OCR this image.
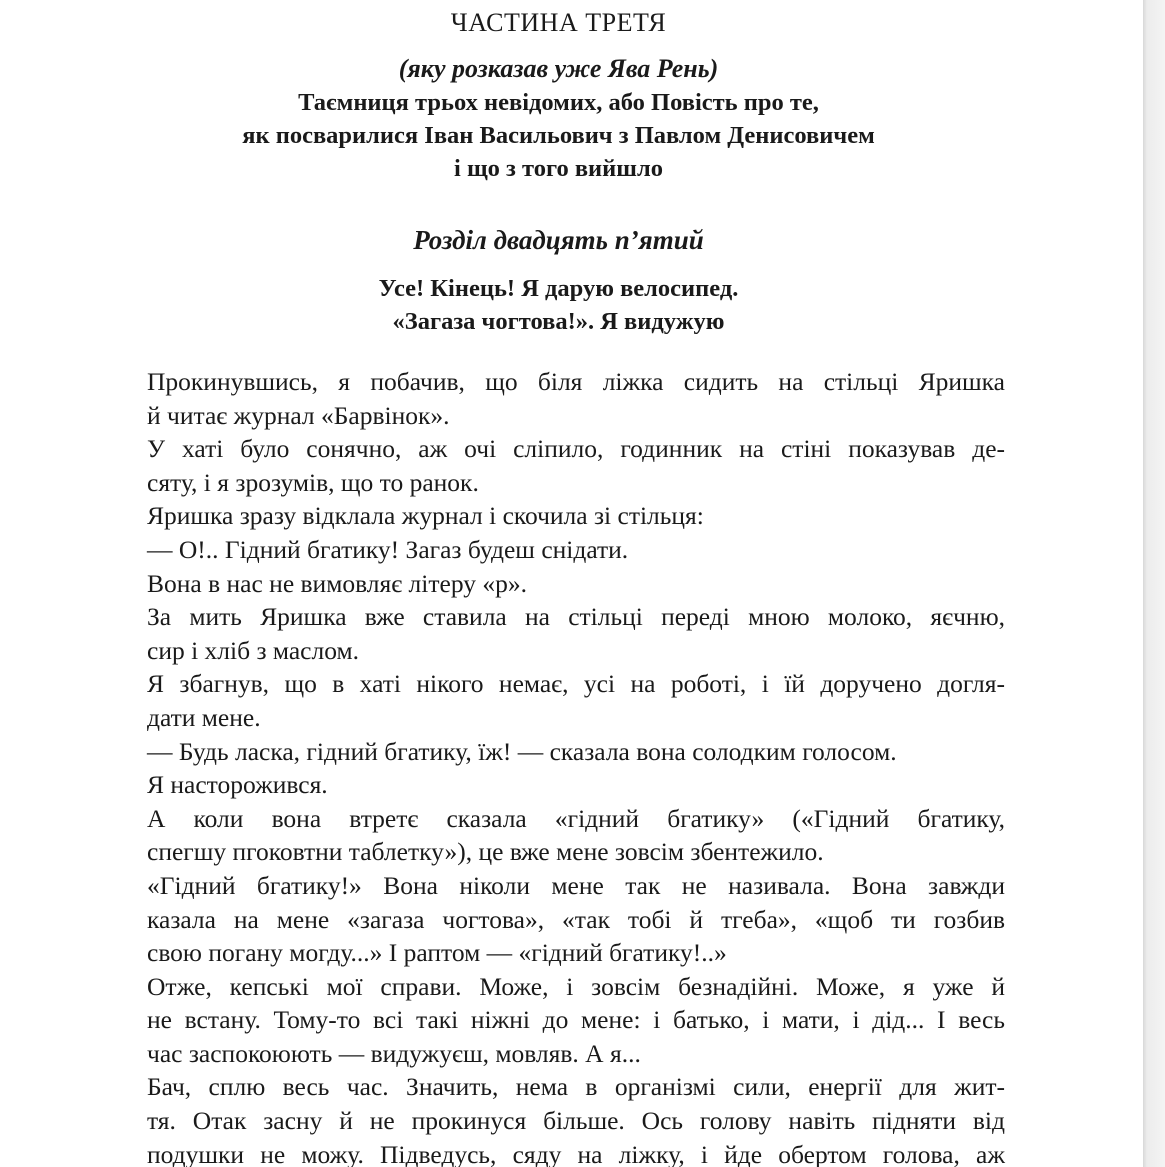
ЧАСТИНА ТРЕТЯ
(яку розказав уже Ява Рень)
Таємниця трьох невідомих, або Повість про те,
як посварилися Іван Васильович з Павлом Денисовичем
і що з того вийшло
Розділ двадцять п’ятий
Усе! Кінець! Я дарую велосипед.
«Загаза чогтова!». Я видужую

Прокинувшись, я побачив, що біля ліжка сидить на стільці Яришка
й читає журнал «Барвінок».

У хаті було сонячно, аж очі сліпило, годинник на стіні показував де-
сяту, і я зрозумів, що то ранок.

Яришка зразу відклала журнал і скочила зі стільця:

— О!.. Гідний бгатику! Загаз будеш снідати.

Вона в нас не вимовляє літеру «р».

За мить Яришка вже ставила на стільці переді мною молоко, яєчню,
сир і хліб з маслом.

Я збагнув, що в хаті нікого немає, усі на роботі, і їй доручено догля-
дати мене.

— Будь ласка, гідний бгатику, їж! — сказала вона солодким голосом.

Я насторожився.

А коли вона втретє сказала «гідний бгатику» («Гідний бгатику,
спегшу пгоковтни таблетку»), це вже мене зовсім збентежило.

«Гідний бгатику!» Вона ніколи мене так не називала. Вона завжди
казала на мене «загаза чогтова», «так тобі й тгеба», «щоб ти гозбив
свою погану могду...» І раптом — «гідний бгатику!..»

Отже, кепські мої справи. Може, і зовсім безнадійні. Може, я уже й
не встану. Тому-то всі такі ніжні до мене: і батько, і мати, і дід... І весь
час заспокоюють — видужуєш, мовляв. А я...

Бач, сплю весь час. Значить, нема в організмі сили, енергії для жит-
тя. Отак засну й не прокинуся більше. Ось голову навіть підняти від
подушки не можу. Підведусь, сяду на ліжку, і йде обертом голова, аж
